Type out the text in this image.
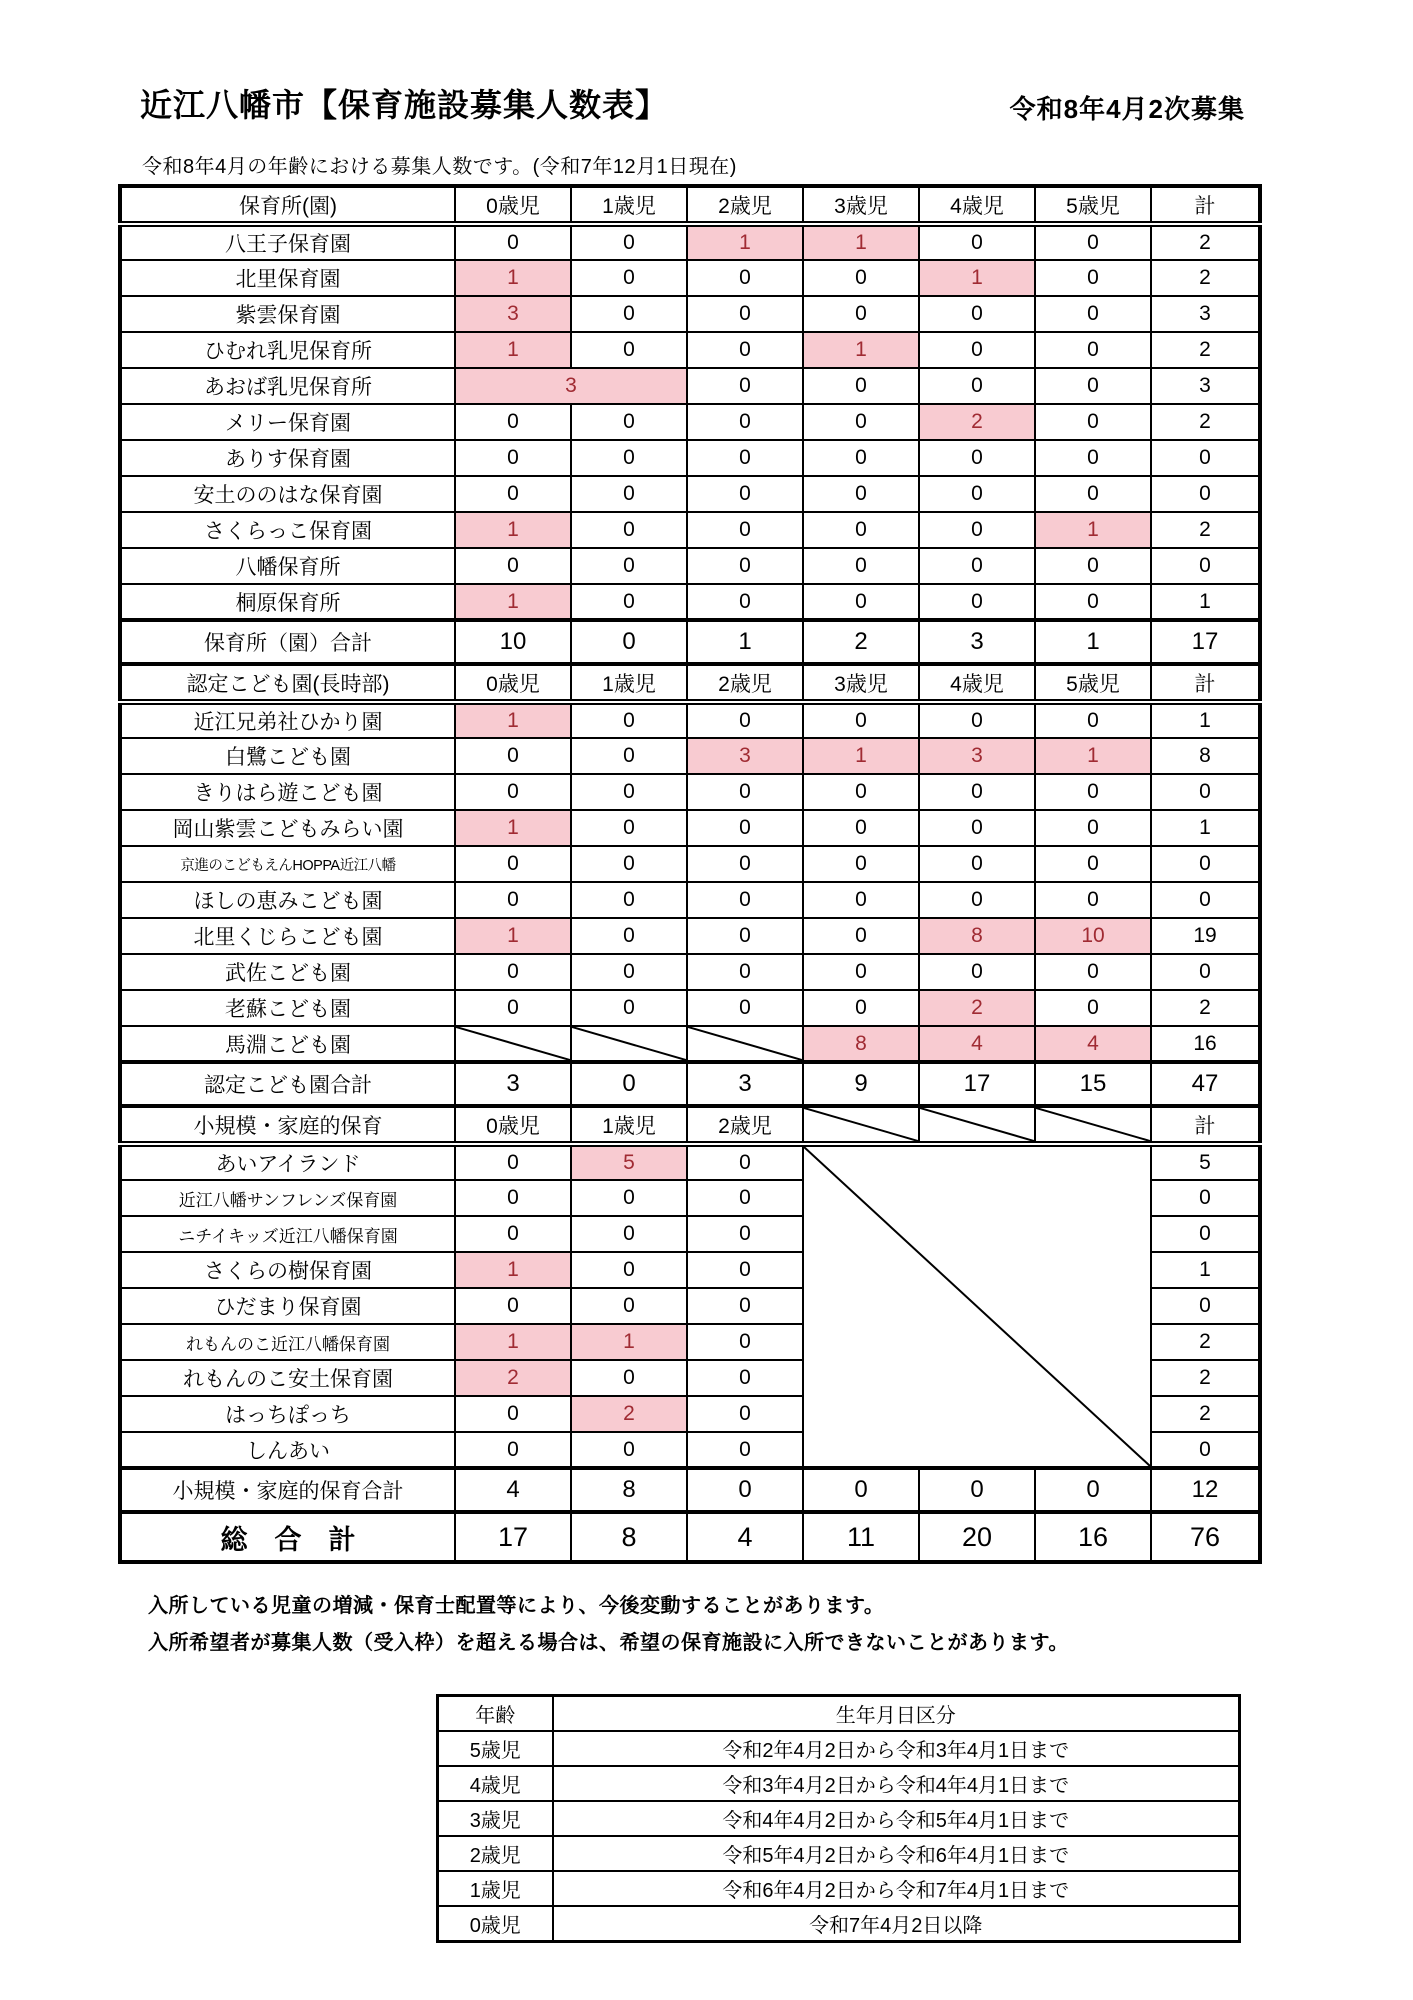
近江八幡市【保育施設募集人数表】	令和8年4月2次募集
令和8年4月の年齢における募集人数です。(令和7年12月1日現在)
保育所(園)	0歳児	1歳児	2歳児	3歳児	4歳児	5歳児	計
八王子保育園	0	0	1	1	0	0	2
北里保育園	1	0	0	0	1	0	2
紫雲保育園	3	0	0	0	0	0	3
ひむれ乳児保育所	1	0	0	1	0	0	2
あおば乳児保育所	3		0	0	0	0	3
メリー保育園	0	0	0	0	2	0	2
ありす保育園	0	0	0	0	0	0	0
安土ののはな保育園	0	0	0	0	0	0	0
さくらっこ保育園	1	0	0	0	0	1	2
八幡保育所	0	0	0	0	0	0	0
桐原保育所	1	0	0	0	0	0	1
保育所（園）合計	10	0	1	2	3	1	17
認定こども園(長時部)	0歳児	1歳児	2歳児	3歳児	4歳児	5歳児	計
近江兄弟社ひかり園	1	0	0	0	0	0	1
白鷺こども園	0	0	3	1	3	1	8
きりはら遊こども園	0	0	0	0	0	0	0
岡山紫雲こどもみらい園	1	0	0	0	0	0	1
京進のこどもえんHOPPA近江八幡	0	0	0	0	0	0	0
ほしの恵みこども園	0	0	0	0	0	0	0
北里くじらこども園	1	0	0	0	8	10	19
武佐こども園	0	0	0	0	0	0	0
老蘇こども園	0	0	0	0	2	0	2
馬淵こども園				8	4	4	16
認定こども園合計	3	0	3	9	17	15	47
小規模・家庭的保育	0歳児	1歳児	2歳児				計
あいアイランド	0	5	0				5
近江八幡サンフレンズ保育園	0	0	0				0
ニチイキッズ近江八幡保育園	0	0	0				0
さくらの樹保育園	1	0	0				1
ひだまり保育園	0	0	0				0
れもんのこ近江八幡保育園	1	1	0				2
れもんのこ安土保育園	2	0	0				2
はっちぽっち	0	2	0				2
しんあい	0	0	0				0
小規模・家庭的保育合計	4	8	0	0	0	0	12
総　合　計	17	8	4	11	20	16	76

入所している児童の増減・保育士配置等により、今後変動することがあります。

入所希望者が募集人数（受入枠）を超える場合は、希望の保育施設に入所できないことがあります。

年齢	生年月日区分
5歳児	令和2年4月2日から令和3年4月1日まで
4歳児	令和3年4月2日から令和4年4月1日まで
3歳児	令和4年4月2日から令和5年4月1日まで
2歳児	令和5年4月2日から令和6年4月1日まで
1歳児	令和6年4月2日から令和7年4月1日まで
0歳児	令和7年4月2日以降
